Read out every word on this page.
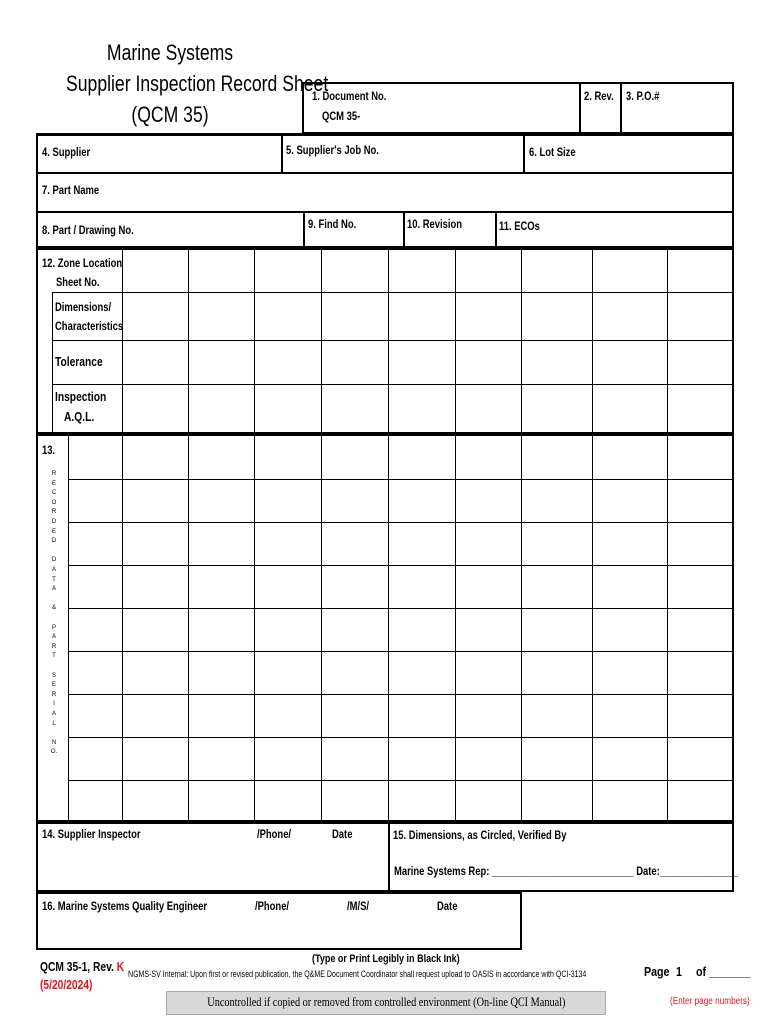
Marine Systems
Supplier Inspection Record Sheet
(QCM 35)
1. Document No.
QCM 35-
2. Rev. 3. P.O.#
4. Supplier	5. Supplier's Job No.	6. Lot Size
7. Part Name
8. Part / Drawing No.	9. Find No.	10. Revision	11. ECOs
12. Zone Location
Sheet No.
Dimensions/
Characteristics
Tolerance
Inspection
A.Q.L.
13.
R
E
C
O
R
D
E
D
D
A
T
A
&
P
A
R
T
S
E
R
I
A
L
N
O.
14. Supplier Inspector	/Phone/	Date	15. Dimensions, as Circled, Verified By
Marine Systems Rep: ___________________________ Date:_______________
16. Marine Systems Quality Engineer	/Phone/	/M/S/	Date
QCM 35-1, Rev. K
(5/20/2024)
(Type or Print Legibly in Black Ink)
NGMS-SV Internal: Upon first or revised publication, the Q&ME Document Coordinator shall request upload to OASIS in accordance with QCI-3134	Page 1 of _______
Uncontrolled if copied or removed from controlled environment (On-line QCI Manual)	(Enter page numbers)
